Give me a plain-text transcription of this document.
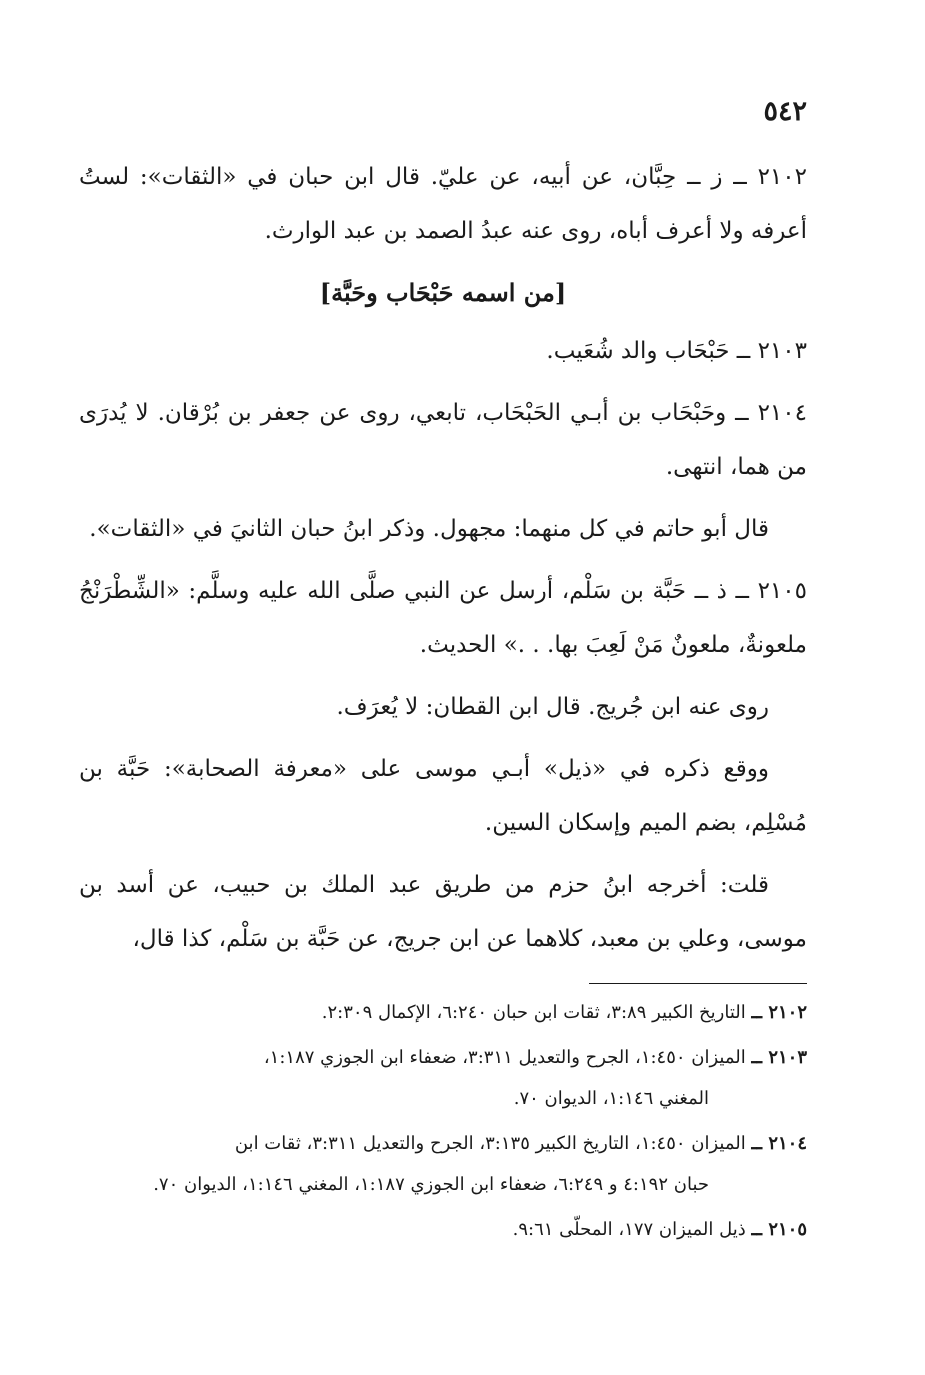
٥٤٢

٢١٠٢ ــ ز ــ حِبَّان، عن أبيه، عن عليّ. قال ابن حبان في «الثقات»: لستُ أعرفه ولا أعرف أباه، روى عنه عبدُ الصمد بن عبد الوارث.

[من اسمه حَبْحَاب وحَبَّة]

٢١٠٣ ــ حَبْحَاب والد شُعَيب.

٢١٠٤ ــ وحَبْحَاب بن أبـي الحَبْحَاب، تابعي، روى عن جعفر بن بُرْقان. لا يُدرَى من هما، انتهى.

قال أبو حاتم في كل منهما: مجهول. وذكر ابنُ حبان الثانيَ في «الثقات».

٢١٠٥ ــ ذ ــ حَبَّة بن سَلْم، أرسل عن النبي صلَّى الله عليه وسلَّم: «الشِّطْرَنْجُ ملعونةٌ، ملعونٌ مَنْ لَعِبَ بها. . .» الحديث.

روى عنه ابن جُريج. قال ابن القطان: لا يُعرَف.

ووقع ذكره في «ذيل» أبـي موسى على «معرفة الصحابة»: حَبَّة بن مُسْلِم، بضم الميم وإسكان السين.

قلت: أخرجه ابنُ حزم من طريق عبد الملك بن حبيب، عن أسد بن موسى، وعلي بن معبد، كلاهما عن ابن جريج، عن حَبَّة بن سَلْم، كذا قال،

٢١٠٢ ــ التاريخ الكبير ٣:٨٩، ثقات ابن حبان ٦:٢٤٠، الإكمال ٢:٣٠٩.
٢١٠٣ ــ الميزان ١:٤٥٠، الجرح والتعديل ٣:٣١١، ضعفاء ابن الجوزي ١:١٨٧،
المغني ١:١٤٦، الديوان ٧٠.
٢١٠٤ ــ الميزان ١:٤٥٠، التاريخ الكبير ٣:١٣٥، الجرح والتعديل ٣:٣١١، ثقات ابن
حبان ٤:١٩٢ و ٦:٢٤٩، ضعفاء ابن الجوزي ١:١٨٧، المغني ١:١٤٦، الديوان ٧٠.
٢١٠٥ ــ ذيل الميزان ١٧٧، المحلّى ٩:٦١.
